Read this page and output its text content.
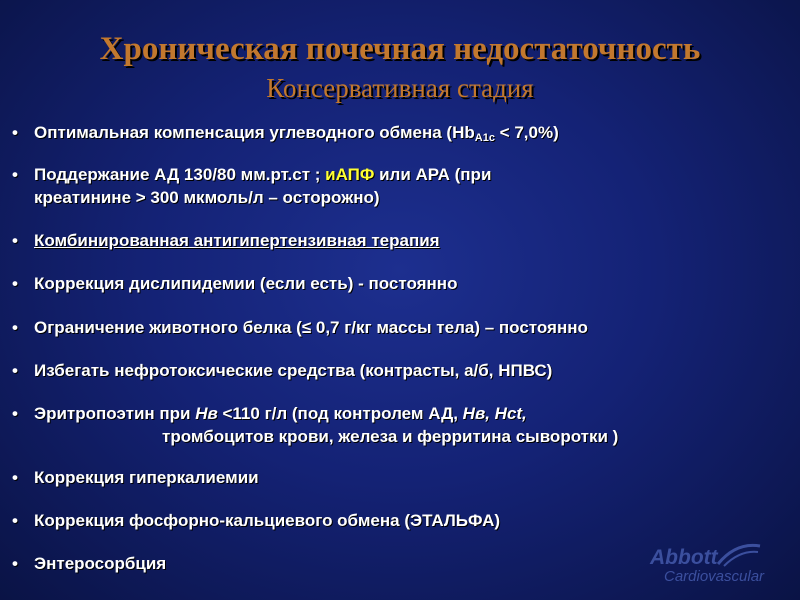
Хроническая почечная недостаточность
Консервативная стадия
• Оптимальная компенсация углеводного обмена $(Hb_{A1c} < 7,0\%)$
• Поддержание АД 130/80 мм.рт.ст ; иАПФ или АРА (при
креатинине > 300 мкмоль/л – осторожно)
• Комбинированная антигипертензивная терапия
• Коррекция дислипидемии (если есть) - постоянно
• Ограничение животного белка (≤ 0,7 г/кг массы тела) – постоянно
• Избегать нефротоксические средства (контрасты, а/б, НПВС)
• Эритропоэтин при Нв <110 г/л (под контролем АД, Нв, Hct,
тромбоцитов крови, железа и ферритина сыворотки )
• Коррекция гиперкалиемии
• Коррекция фосфорно-кальциевого обмена (ЭТАЛЬФА)
• Энтеросорбция	Abbott
Cardiovascular
